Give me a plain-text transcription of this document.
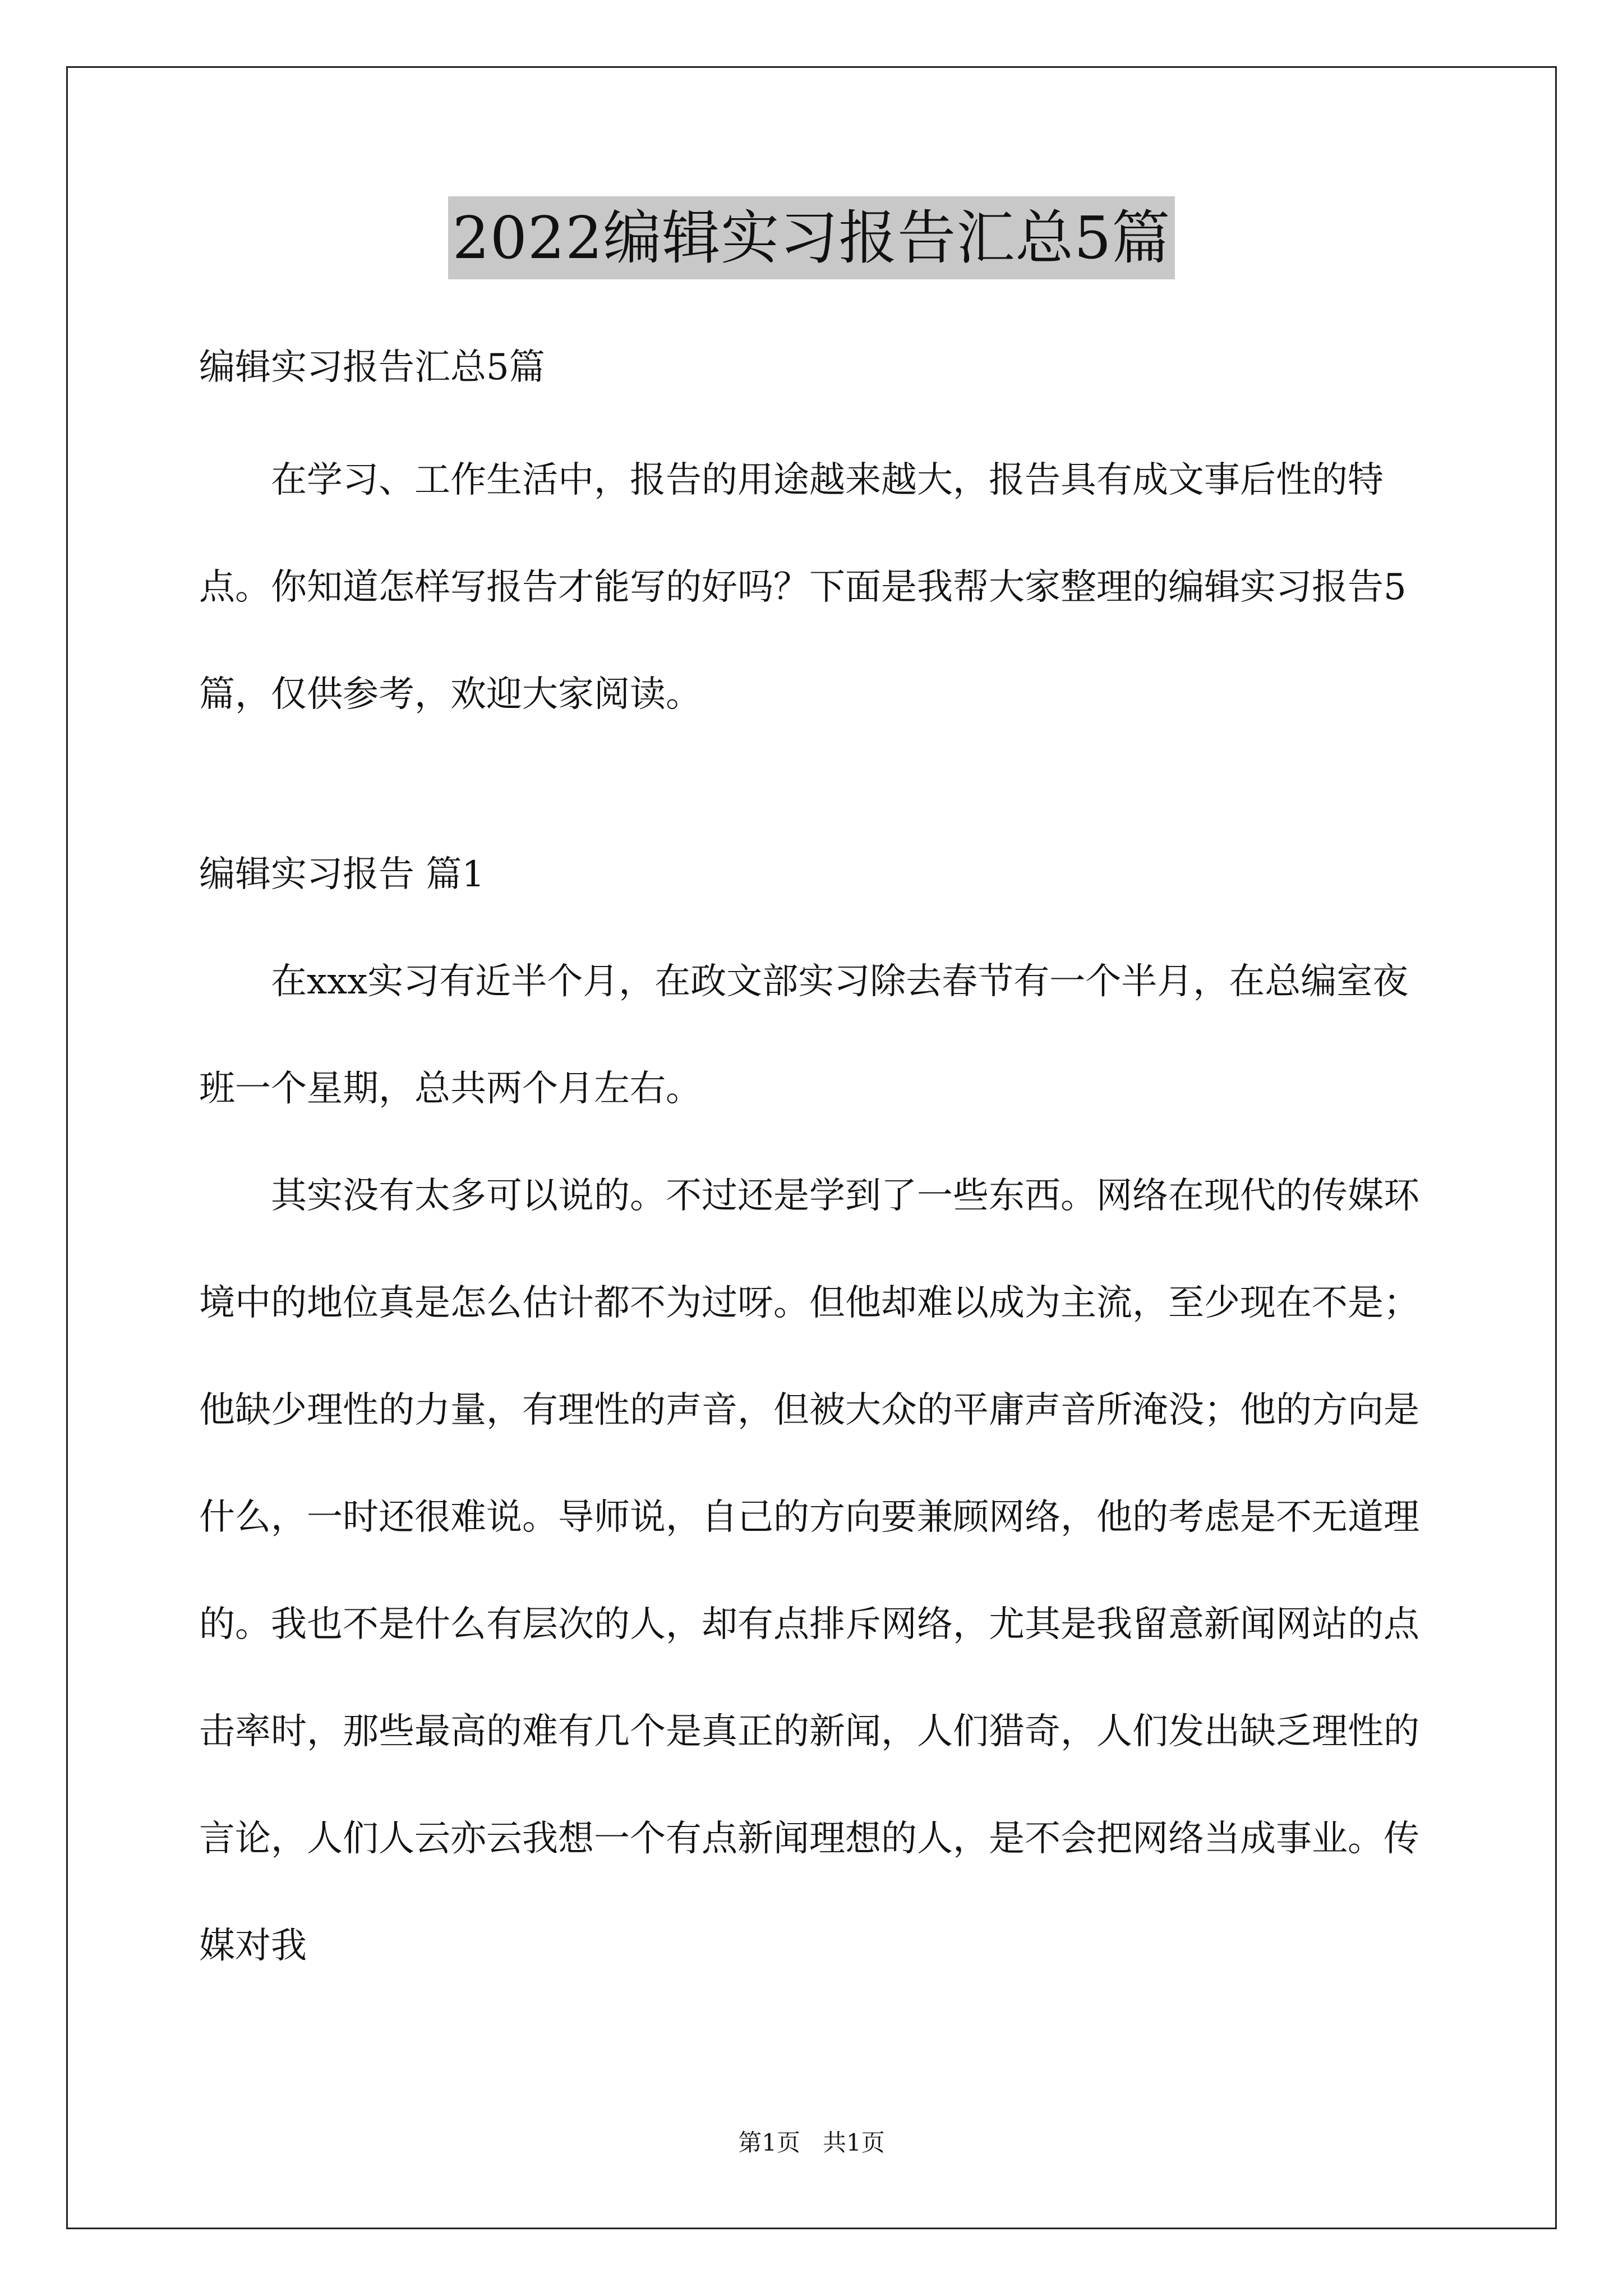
2022编辑实习报告汇总5篇

编辑实习报告汇总5篇

在学习、工作生活中，报告的用途越来越大，报告具有成文事后性的特点。你知道怎样写报告才能写的好吗？下面是我帮大家整理的编辑实习报告5篇，仅供参考，欢迎大家阅读。

编辑实习报告 篇1

在xxx实习有近半个月，在政文部实习除去春节有一个半月，在总编室夜班一个星期，总共两个月左右。

其实没有太多可以说的。不过还是学到了一些东西。网络在现代的传媒环境中的地位真是怎么估计都不为过呀。但他却难以成为主流，至少现在不是；他缺少理性的力量，有理性的声音，但被大众的平庸声音所淹没；他的方向是什么，一时还很难说。导师说，自己的方向要兼顾网络，他的考虑是不无道理的。我也不是什么有层次的人，却有点排斥网络，尤其是我留意新闻网站的点击率时，那些最高的难有几个是真正的新闻，人们猎奇，人们发出缺乏理性的言论，人们人云亦云我想一个有点新闻理想的人，是不会把网络当成事业。传媒对我

第1页   共1页
